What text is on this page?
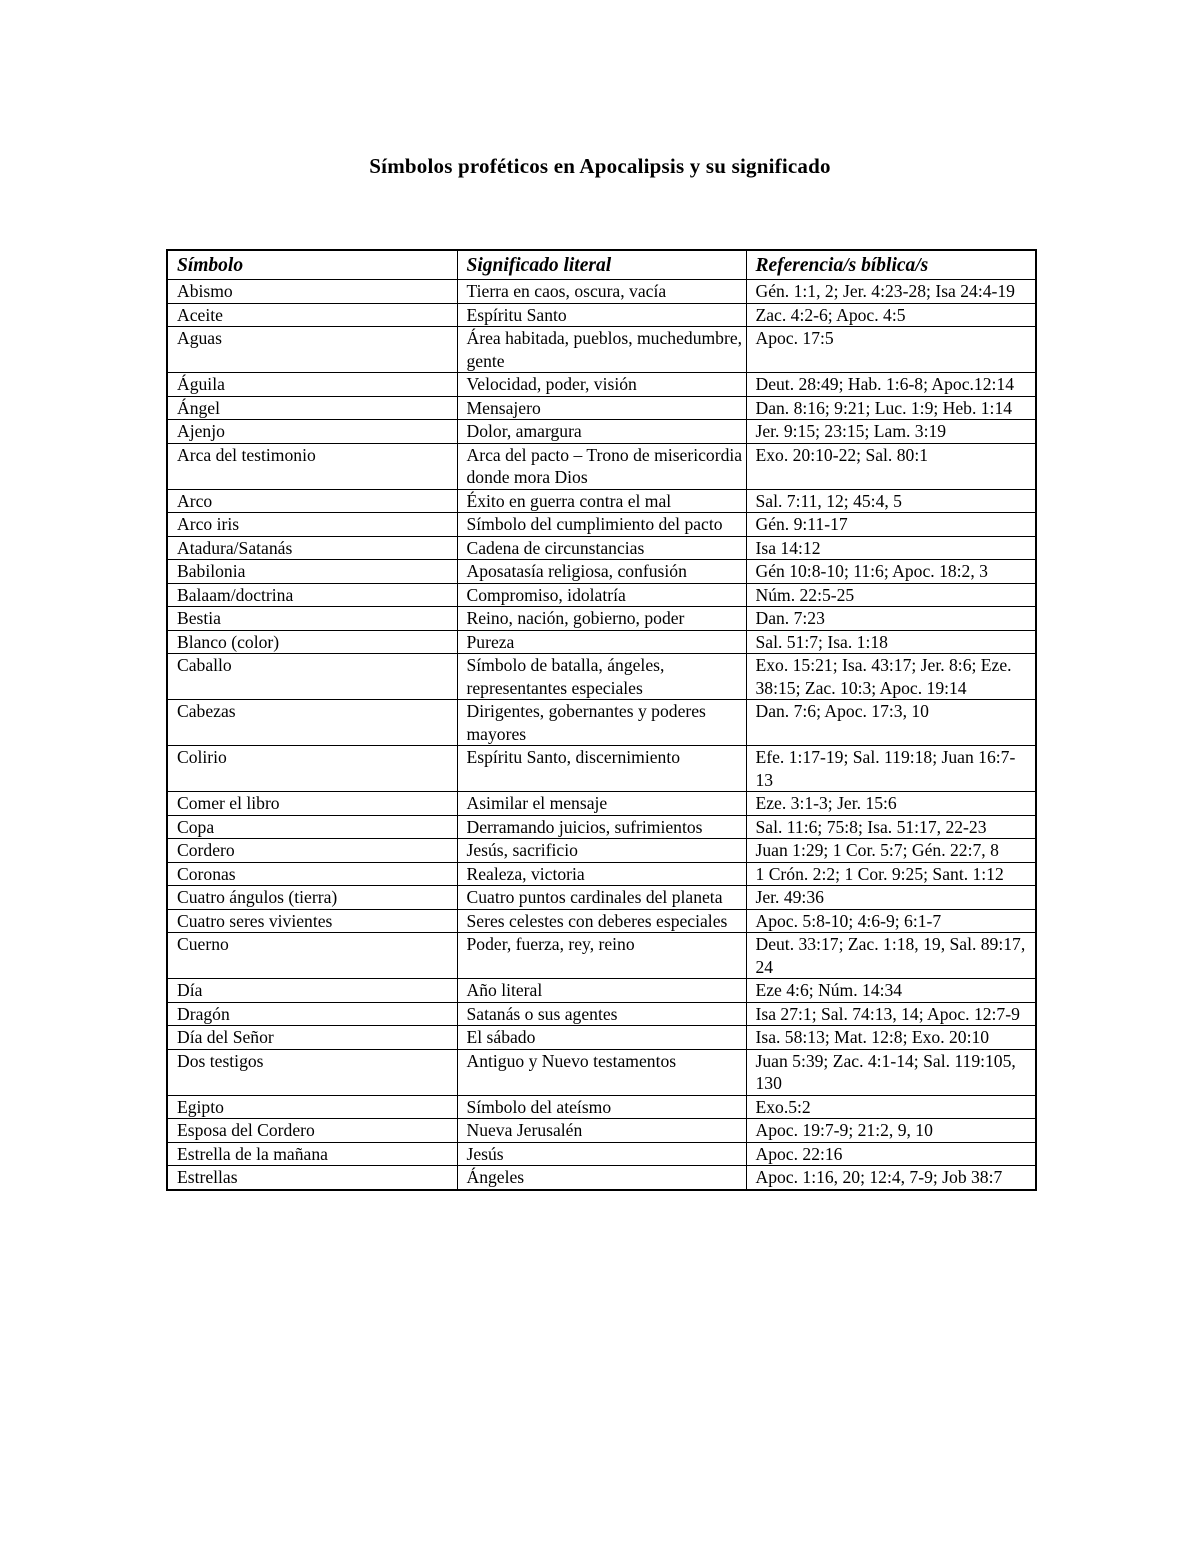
Símbolos proféticos en Apocalipsis y su significado
Símbolo	Significado literal	Referencia/s bíblica/s
Abismo	Tierra en caos, oscura, vacía	Gén. 1:1, 2; Jer. 4:23-28; Isa 24:4-19
Aceite	Espíritu Santo	Zac. 4:2-6; Apoc. 4:5
Aguas	Área habitada, pueblos, muchedumbre, gente	Apoc. 17:5
Águila	Velocidad, poder, visión	Deut. 28:49; Hab. 1:6-8; Apoc.12:14
Ángel	Mensajero	Dan. 8:16; 9:21; Luc. 1:9; Heb. 1:14
Ajenjo	Dolor, amargura	Jer. 9:15; 23:15; Lam. 3:19
Arca del testimonio	Arca del pacto – Trono de misericordia donde mora Dios	Exo. 20:10-22; Sal. 80:1
Arco	Éxito en guerra contra el mal	Sal. 7:11, 12; 45:4, 5
Arco iris	Símbolo del cumplimiento del pacto	Gén. 9:11-17
Atadura/Satanás	Cadena de circunstancias	Isa 14:12
Babilonia	Aposatasía religiosa, confusión	Gén 10:8-10; 11:6; Apoc. 18:2, 3
Balaam/doctrina	Compromiso, idolatría	Núm. 22:5-25
Bestia	Reino, nación, gobierno, poder	Dan. 7:23
Blanco (color)	Pureza	Sal. 51:7; Isa. 1:18
Caballo	Símbolo de batalla, ángeles, representantes especiales	Exo. 15:21; Isa. 43:17; Jer. 8:6; Eze. 38:15; Zac. 10:3; Apoc. 19:14
Cabezas	Dirigentes, gobernantes y poderes mayores	Dan. 7:6; Apoc. 17:3, 10
Colirio	Espíritu Santo, discernimiento	Efe. 1:17-19; Sal. 119:18; Juan 16:7-13
Comer el libro	Asimilar el mensaje	Eze. 3:1-3; Jer. 15:6
Copa	Derramando juicios, sufrimientos	Sal. 11:6; 75:8; Isa. 51:17, 22-23
Cordero	Jesús, sacrificio	Juan 1:29; 1 Cor. 5:7; Gén. 22:7, 8
Coronas	Realeza, victoria	1 Crón. 2:2; 1 Cor. 9:25; Sant. 1:12
Cuatro ángulos (tierra)	Cuatro puntos cardinales del planeta	Jer. 49:36
Cuatro seres vivientes	Seres celestes con deberes especiales	Apoc. 5:8-10; 4:6-9; 6:1-7
Cuerno	Poder, fuerza, rey, reino	Deut. 33:17; Zac. 1:18, 19, Sal. 89:17, 24
Día	Año literal	Eze 4:6; Núm. 14:34
Dragón	Satanás o sus agentes	Isa 27:1; Sal. 74:13, 14; Apoc. 12:7-9
Día del Señor	El sábado	Isa. 58:13; Mat. 12:8; Exo. 20:10
Dos testigos	Antiguo y Nuevo testamentos	Juan 5:39; Zac. 4:1-14; Sal. 119:105, 130
Egipto	Símbolo del ateísmo	Exo.5:2
Esposa del Cordero	Nueva Jerusalén	Apoc. 19:7-9; 21:2, 9, 10
Estrella de la mañana	Jesús	Apoc. 22:16
Estrellas	Ángeles	Apoc. 1:16, 20; 12:4, 7-9; Job 38:7
